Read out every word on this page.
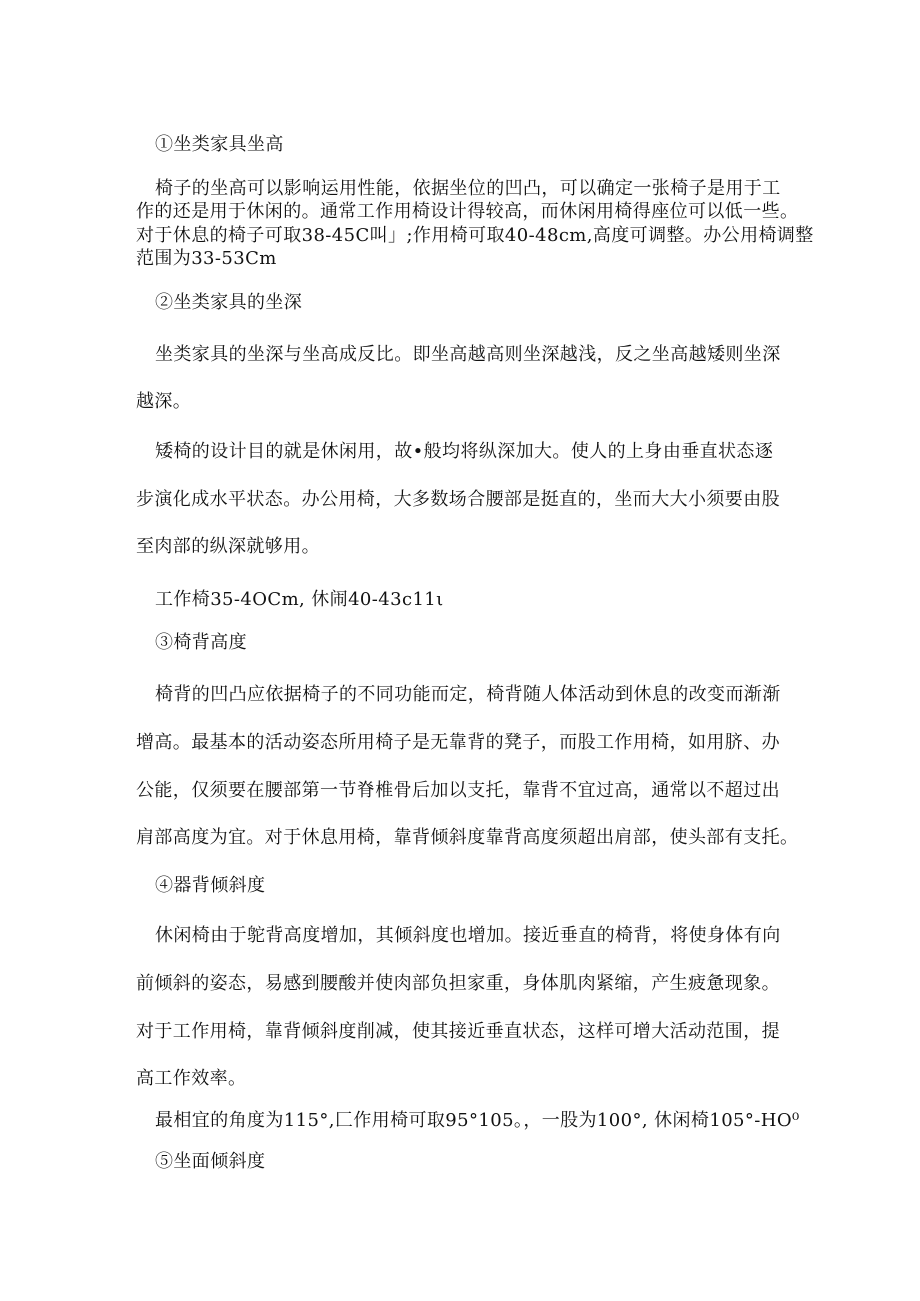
①坐类家具坐高

椅子的坐高可以影响运用性能，依据坐位的凹凸，可以确定一张椅子是用于工

作的还是用于休闲的。通常工作用椅设计得较高，而休闲用椅得座位可以低一些。

对于休息的椅子可取38-45C叫」;作用椅可取40-48cm,高度可调整。办公用椅调整

范围为33-53Cm

②坐类家具的坐深

坐类家具的坐深与坐高成反比。即坐高越高则坐深越浅，反之坐高越矮则坐深

越深。

矮椅的设计目的就是休闲用，故•般均将纵深加大。使人的上身由垂直状态逐

步演化成水平状态。办公用椅，大多数场合腰部是挺直的，坐而大大小须要由股

至肉部的纵深就够用。

工作椅35-4OCm, 休闹40-43c11ι

③椅背高度

椅背的凹凸应依据椅子的不同功能而定，椅背随人体活动到休息的改变而渐渐

增高。最基本的活动姿态所用椅子是无靠背的凳子，而股工作用椅，如用脐、办

公能，仅须要在腰部第一节脊椎骨后加以支托，靠背不宜过高，通常以不超过出

肩部高度为宜。对于休息用椅，靠背倾斜度靠背高度须超出肩部，使头部有支托。

④器背倾斜度

休闲椅由于鸵背高度增加，其倾斜度也增加。接近垂直的椅背，将使身体有向

前倾斜的姿态，易感到腰酸并使肉部负担家重，身体肌肉紧缩，产生疲惫现象。

对于工作用椅，靠背倾斜度削减，使其接近垂直状态，这样可增大活动范围，提

高工作效率。

最相宜的角度为115°,匚作用椅可取95°105。，一股为100°, 休闲椅105°-HO⁰

⑤坐面倾斜度
